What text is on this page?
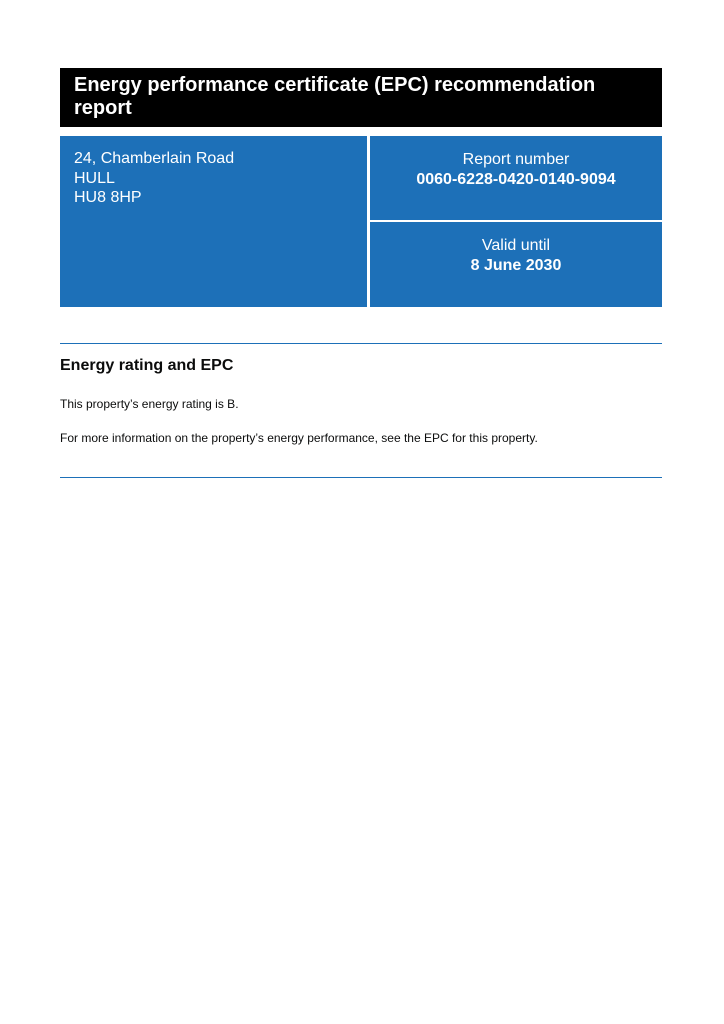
Energy performance certificate (EPC) recommendation report
24, Chamberlain Road
HULL
HU8 8HP
Report number
0060-6228-0420-0140-9094
Valid until
8 June 2030
Energy rating and EPC

This property’s energy rating is B.

For more information on the property’s energy performance, see the EPC for this property.
